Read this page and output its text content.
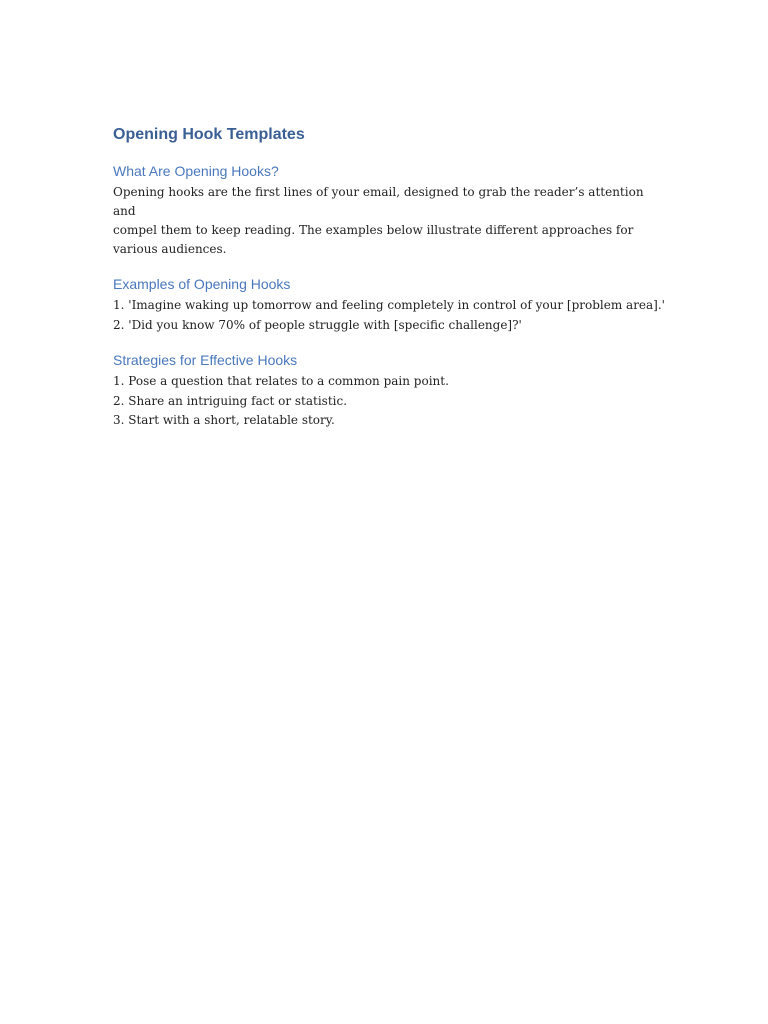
Opening Hook Templates
What Are Opening Hooks?

Opening hooks are the first lines of your email, designed to grab the reader’s attention and
compel them to keep reading. The examples below illustrate different approaches for
various audiences.

Examples of Opening Hooks
1. 'Imagine waking up tomorrow and feeling completely in control of your [problem area].'
2. 'Did you know 70% of people struggle with [specific challenge]?'
Strategies for Effective Hooks
1. Pose a question that relates to a common pain point.
2. Share an intriguing fact or statistic.
3. Start with a short, relatable story.
